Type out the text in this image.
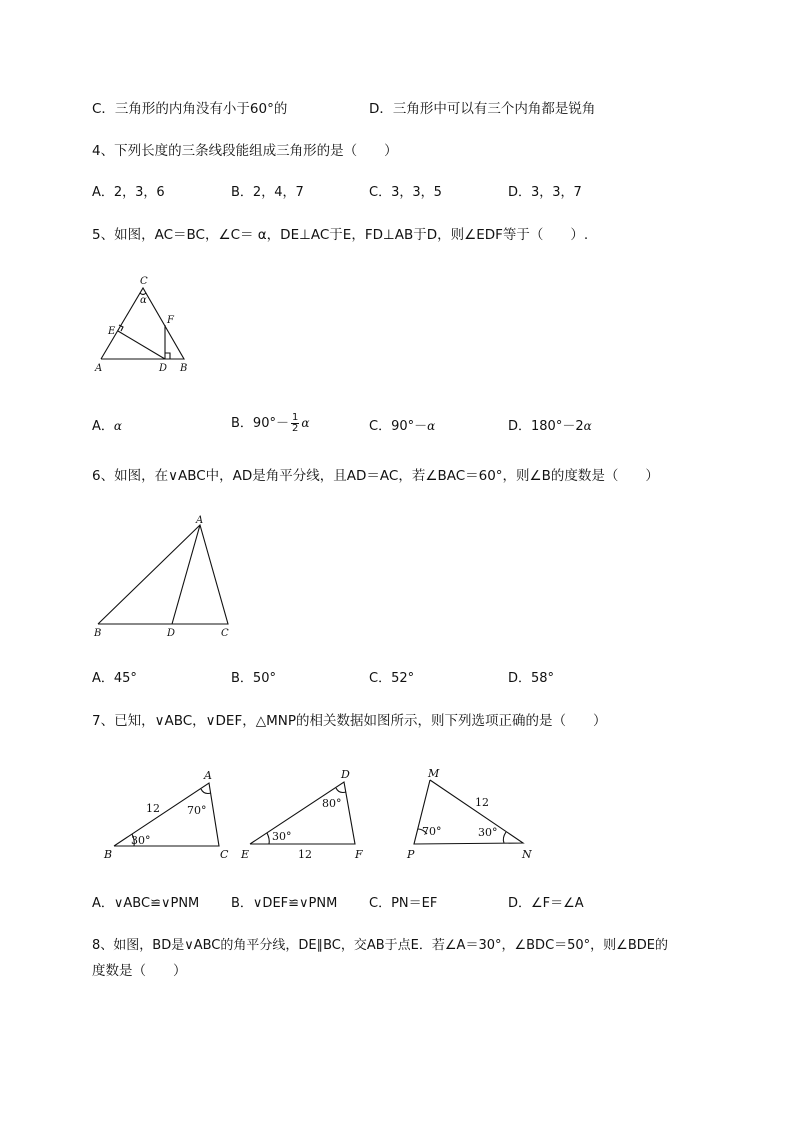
C．三角形的内角没有小于60°的	D．三角形中可以有三个内角都是锐角
4、下列长度的三条线段能组成三角形的是（　　）
A．2，3，6	B．2，4，7	C．3，3，5	D．3，3，7
5、如图，AC＝BC，∠C＝ α，DE⊥AC于E，FD⊥AB于D，则∠EDF等于（　　）.
C
α
E
F
A	D B
A．α	B．$90^\circ- \frac{1}{2}$ α	C．90°－α	D．180°－2α
6、如图，在∨ABC中，AD是角平分线，且AD＝AC，若∠BAC＝60°，则∠B的度数是（　　）
A
B	D	C
A．45°	B．50°	C．52°	D．58°
7、已知，∨ABC，∨DEF，△MNP的相关数据如图所示，则下列选项正确的是（　　）
A
B	C
12 70°
30°
D
E	F
80°
30°
12
M
P	N
12
70°	30°
A．∨ABC≌∨PNM B．∨DEF≌∨PNM C．PN＝EF	D．∠F＝∠A
8、如图，BD是∨ABC的角平分线，DE∥BC，交AB于点E．若∠A＝30°，∠BDC＝50°，则∠BDE的
度数是（　　）
